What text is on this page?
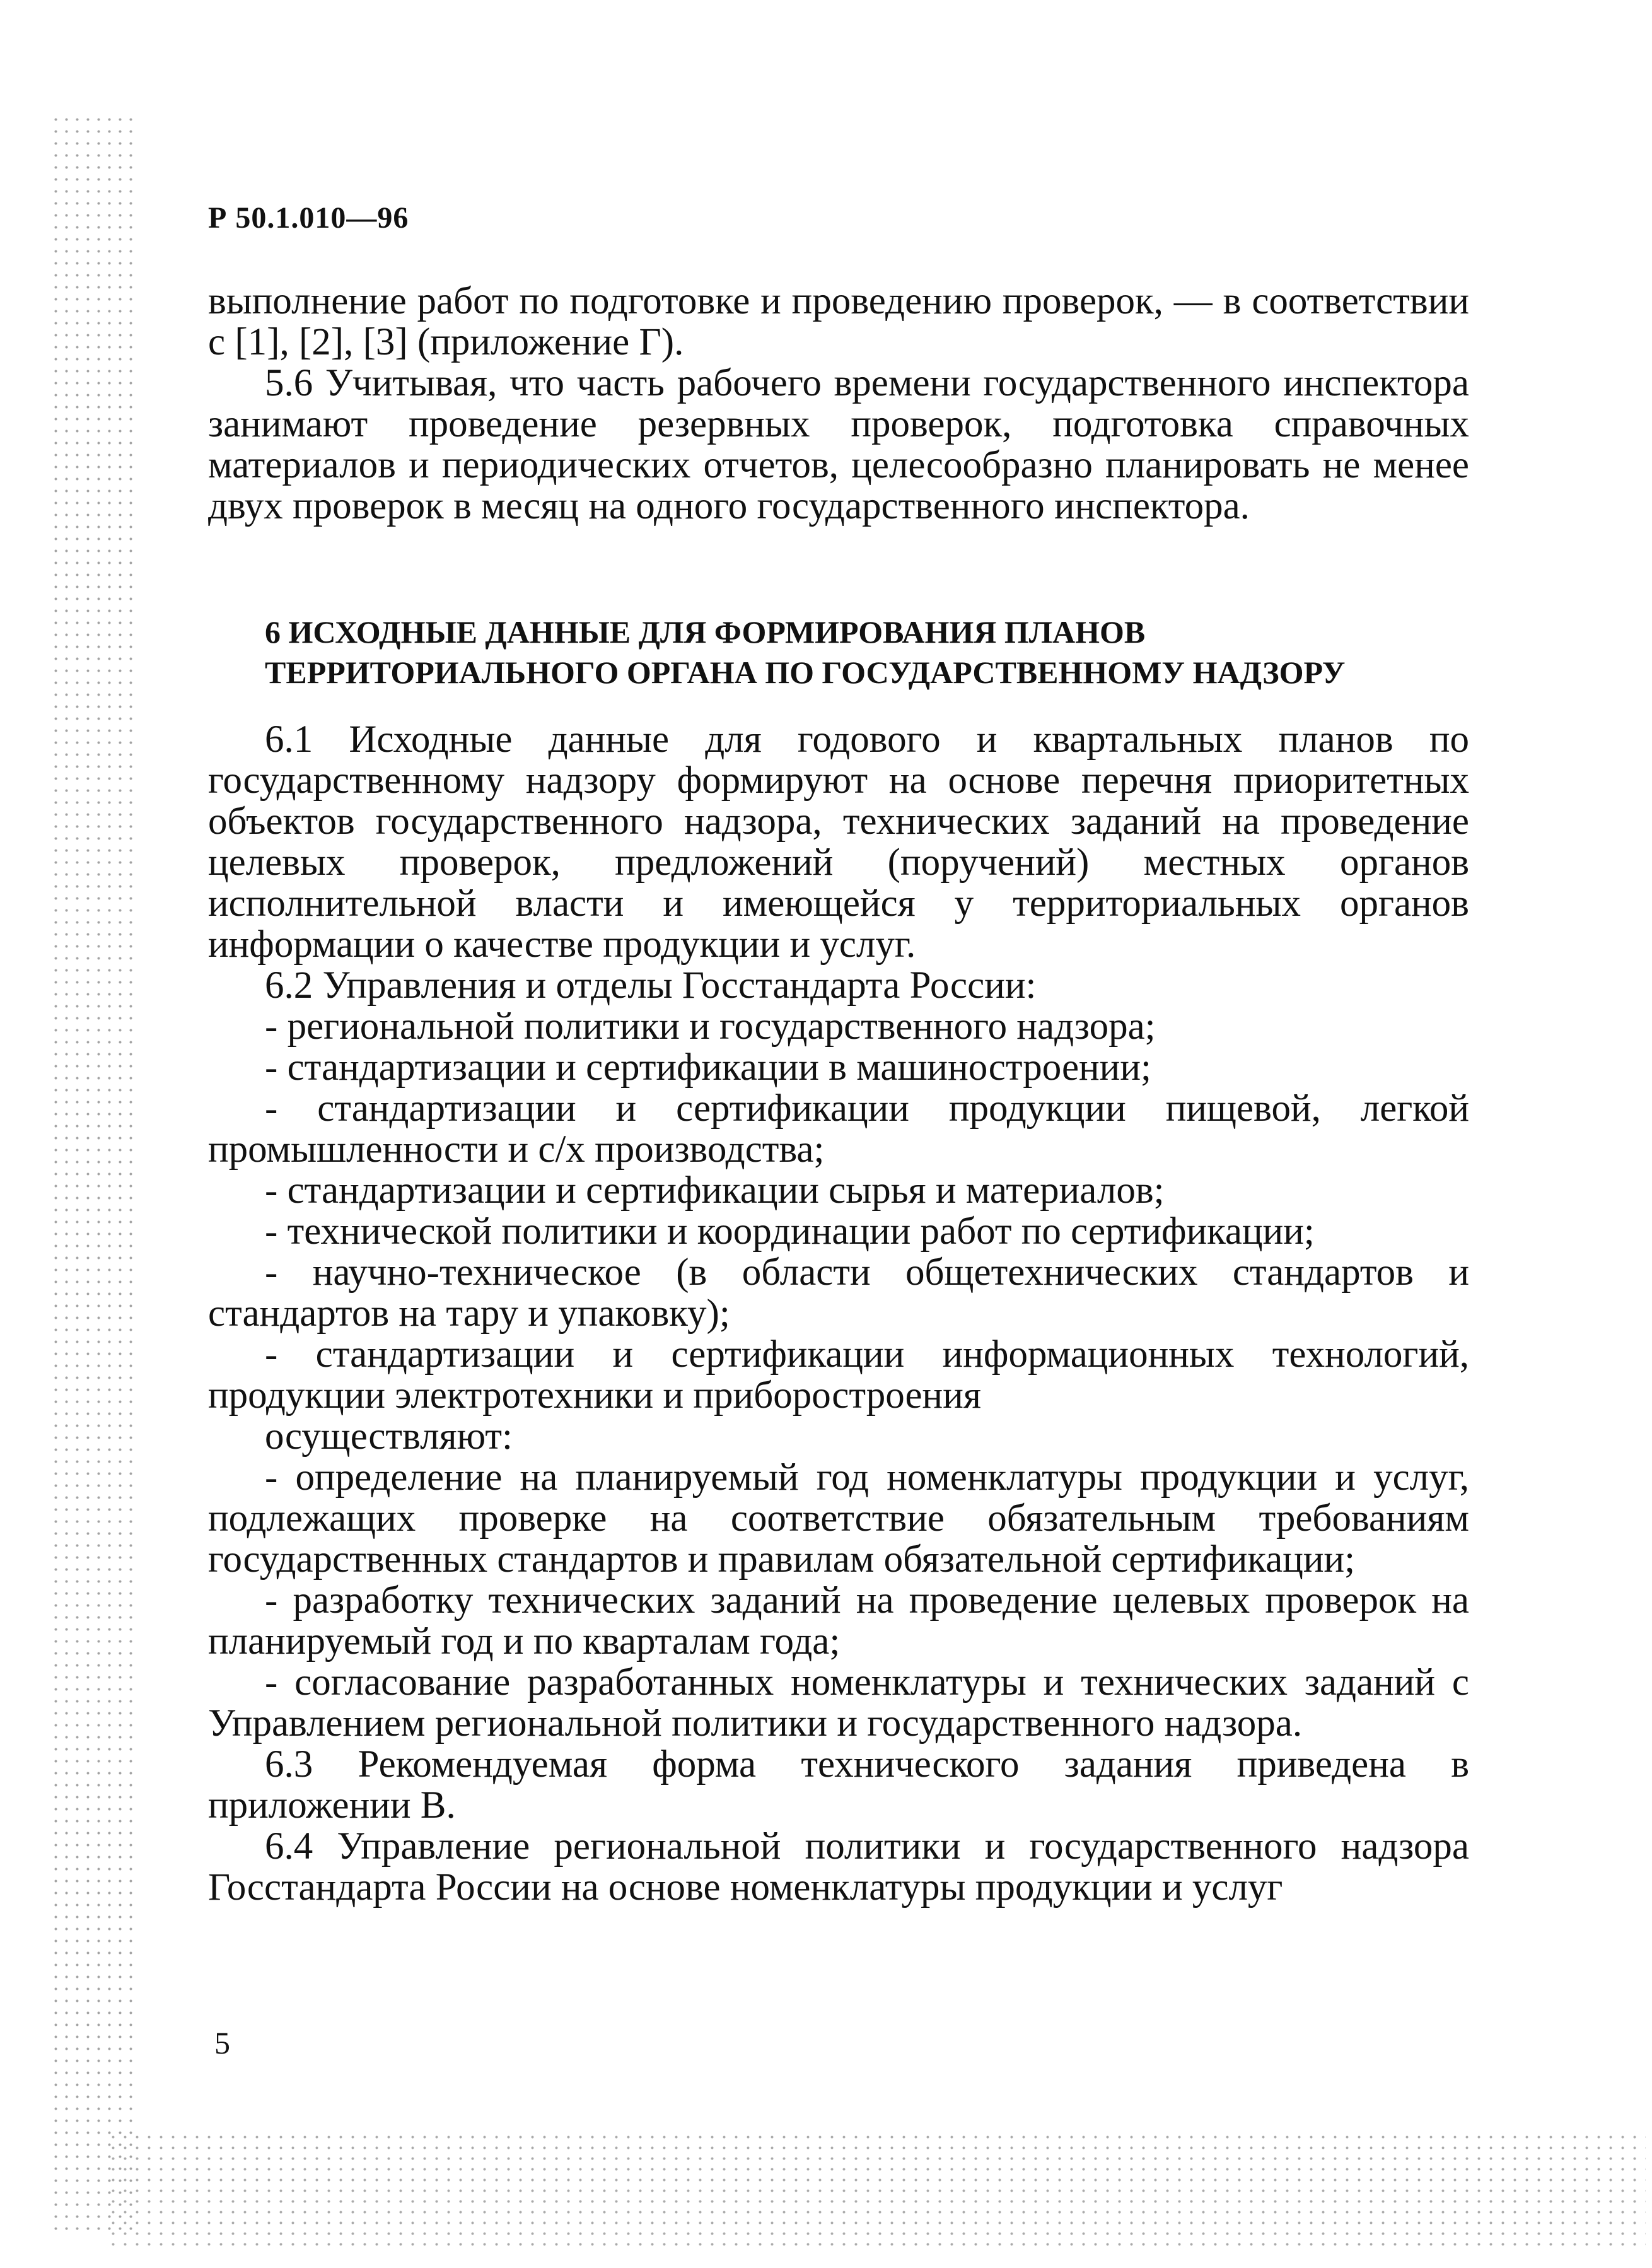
Р 50.1.010—96

выполнение работ по подготовке и проведению проверок, — в соответствии с [1], [2], [3] (приложение Г).

5.6 Учитывая, что часть рабочего времени государственного инспектора занимают проведение резервных проверок, подготовка справочных материалов и периодических отчетов, целесообразно планировать не менее двух проверок в месяц на одного государственного инспектора.

6 ИСХОДНЫЕ ДАННЫЕ ДЛЯ ФОРМИРОВАНИЯ ПЛАНОВ
ТЕРРИТОРИАЛЬНОГО ОРГАНА ПО ГОСУДАРСТВЕННОМУ НАДЗОРУ

6.1 Исходные данные для годового и квартальных планов по государственному надзору формируют на основе перечня приоритетных объектов государственного надзора, технических заданий на проведение целевых проверок, предложений (поручений) местных органов исполнительной власти и имеющейся у территориальных органов информации о качестве продукции и услуг.

6.2 Управления и отделы Госстандарта России:

- региональной политики и государственного надзора;

- стандартизации и сертификации в машиностроении;

- стандартизации и сертификации продукции пищевой, легкой промышленности и с/х производства;

- стандартизации и сертификации сырья и материалов;

- технической политики и координации работ по сертификации;

- научно-техническое (в области общетехнических стандартов и стандартов на тару и упаковку);

- стандартизации и сертификации информационных технологий, продукции электротехники и приборостроения

осуществляют:

- определение на планируемый год номенклатуры продукции и услуг, подлежащих проверке на соответствие обязательным требованиям государственных стандартов и правилам обязательной сертификации;

- разработку технических заданий на проведение целевых проверок на планируемый год и по кварталам года;

- согласование разработанных номенклатуры и технических заданий с Управлением региональной политики и государственного надзора.

6.3 Рекомендуемая форма технического задания приведена в приложении В.

6.4 Управление региональной политики и государственного надзора Госстандарта России на основе номенклатуры продукции и услуг

5
